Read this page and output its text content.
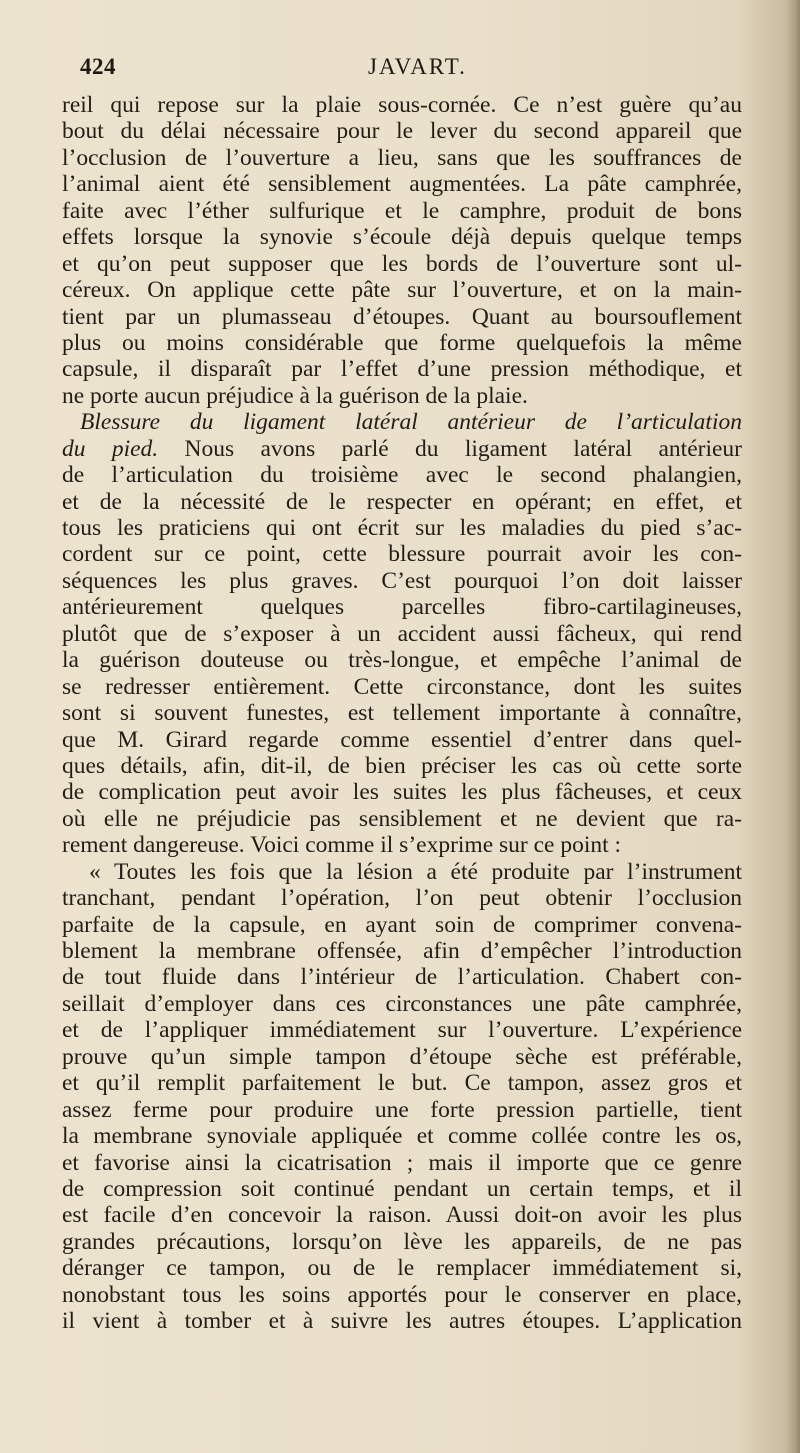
424	JAVART.
reil qui repose sur la plaie sous-cornée. Ce n’est guère qu’au
bout du délai nécessaire pour le lever du second appareil que
l’occlusion de l’ouverture a lieu, sans que les souffrances de
l’animal aient été sensiblement augmentées. La pâte camphrée,
faite avec l’éther sulfurique et le camphre, produit de bons
effets lorsque la synovie s’écoule déjà depuis quelque temps
et qu’on peut supposer que les bords de l’ouverture sont ul-
céreux. On applique cette pâte sur l’ouverture, et on la main-
tient par un plumasseau d’étoupes. Quant au boursouflement
plus ou moins considérable que forme quelquefois la même
capsule, il disparaît par l’effet d’une pression méthodique, et
ne porte aucun préjudice à la guérison de la plaie.
Blessure du ligament latéral antérieur de l’articulation
du pied. Nous avons parlé du ligament latéral antérieur
de l’articulation du troisième avec le second phalangien,
et de la nécessité de le respecter en opérant; en effet, et
tous les praticiens qui ont écrit sur les maladies du pied s’ac-
cordent sur ce point, cette blessure pourrait avoir les con-
séquences les plus graves. C’est pourquoi l’on doit laisser
antérieurement quelques parcelles fibro-cartilagineuses,
plutôt que de s’exposer à un accident aussi fâcheux, qui rend
la guérison douteuse ou très-longue, et empêche l’animal de
se redresser entièrement. Cette circonstance, dont les suites
sont si souvent funestes, est tellement importante à connaître,
que M. Girard regarde comme essentiel d’entrer dans quel-
ques détails, afin, dit-il, de bien préciser les cas où cette sorte
de complication peut avoir les suites les plus fâcheuses, et ceux
où elle ne préjudicie pas sensiblement et ne devient que ra-
rement dangereuse. Voici comme il s’exprime sur ce point :
« Toutes les fois que la lésion a été produite par l’instrument
tranchant, pendant l’opération, l’on peut obtenir l’occlusion
parfaite de la capsule, en ayant soin de comprimer convena-
blement la membrane offensée, afin d’empêcher l’introduction
de tout fluide dans l’intérieur de l’articulation. Chabert con-
seillait d’employer dans ces circonstances une pâte camphrée,
et de l’appliquer immédiatement sur l’ouverture. L’expérience
prouve qu’un simple tampon d’étoupe sèche est préférable,
et qu’il remplit parfaitement le but. Ce tampon, assez gros et
assez ferme pour produire une forte pression partielle, tient
la membrane synoviale appliquée et comme collée contre les os,
et favorise ainsi la cicatrisation ; mais il importe que ce genre
de compression soit continué pendant un certain temps, et il
est facile d’en concevoir la raison. Aussi doit-on avoir les plus
grandes précautions, lorsqu’on lève les appareils, de ne pas
déranger ce tampon, ou de le remplacer immédiatement si,
nonobstant tous les soins apportés pour le conserver en place,
il vient à tomber et à suivre les autres étoupes. L’application
